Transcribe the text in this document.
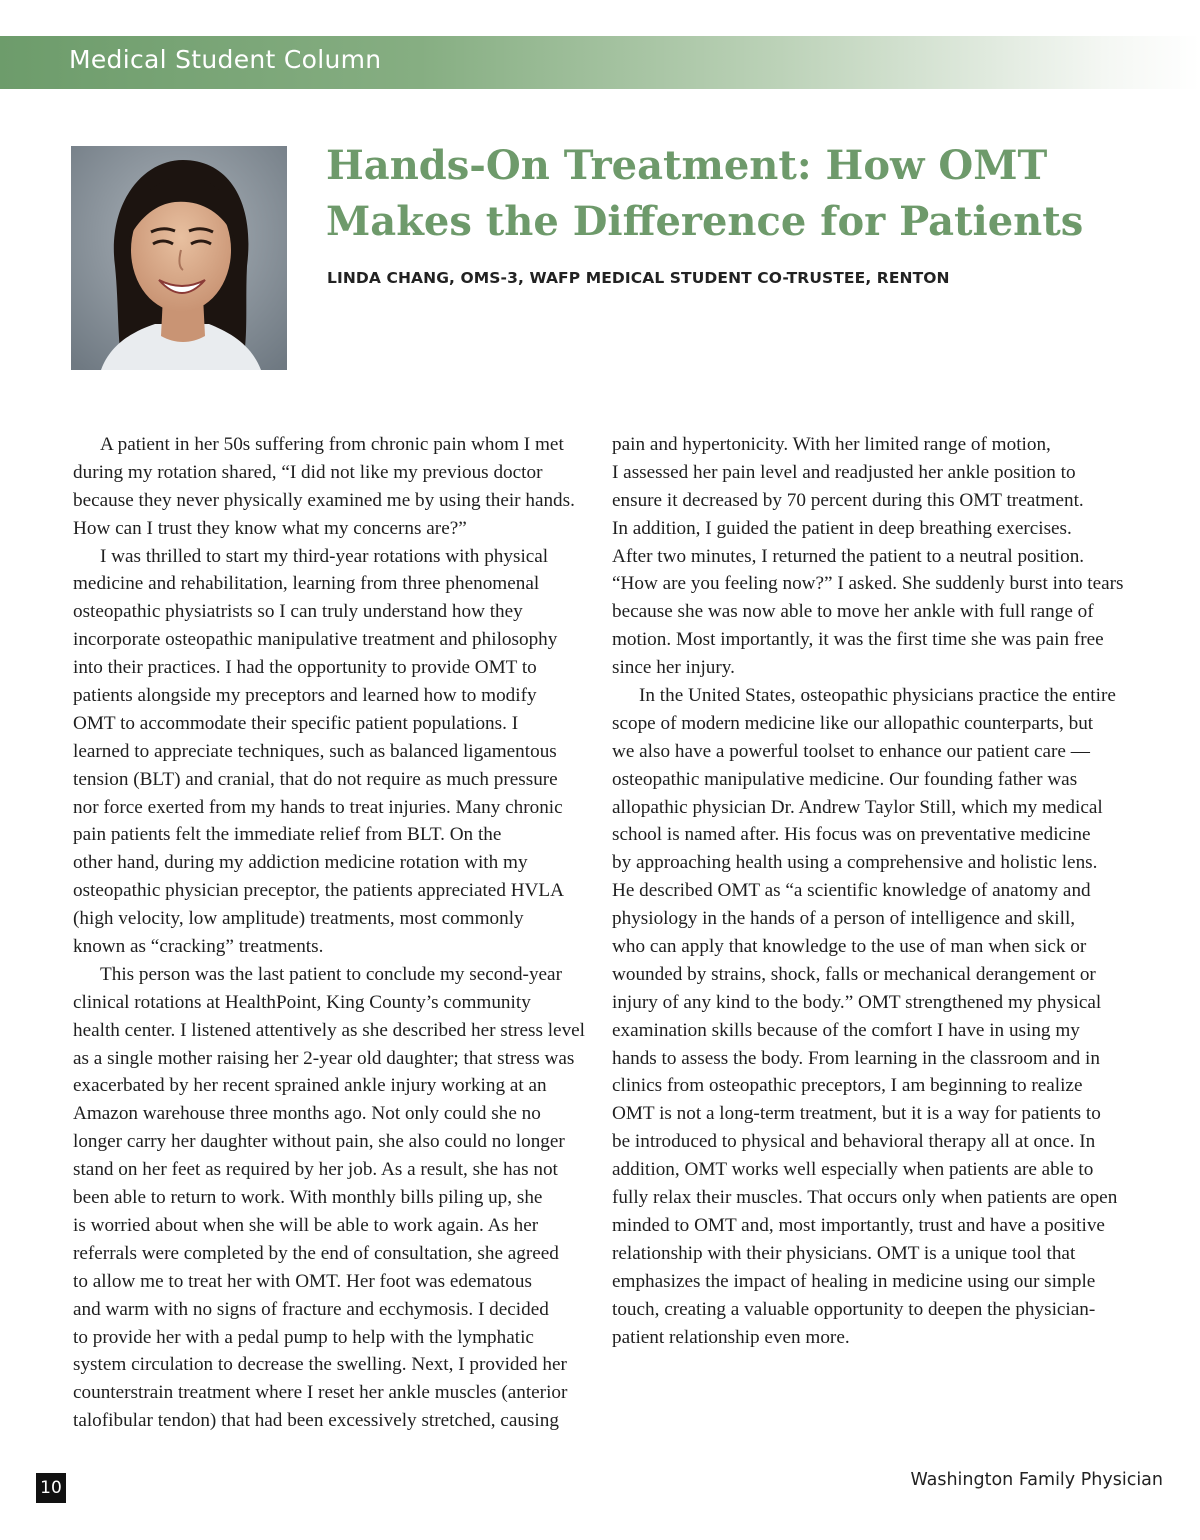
Medical Student Column
Hands-On Treatment: How OMT
Makes the Difference for Patients
LINDA CHANG, OMS-3, WAFP MEDICAL STUDENT CO-TRUSTEE, RENTON
A patient in her 50s suffering from chronic pain whom I met
during my rotation shared, “I did not like my previous doctor
because they never physically examined me by using their hands.
How can I trust they know what my concerns are?”
I was thrilled to start my third-year rotations with physical
medicine and rehabilitation, learning from three phenomenal
osteopathic physiatrists so I can truly understand how they
incorporate osteopathic manipulative treatment and philosophy
into their practices. I had the opportunity to provide OMT to
patients alongside my preceptors and learned how to modify
OMT to accommodate their specific patient populations. I
learned to appreciate techniques, such as balanced ligamentous
tension (BLT) and cranial, that do not require as much pressure
nor force exerted from my hands to treat injuries. Many chronic
pain patients felt the immediate relief from BLT. On the
other hand, during my addiction medicine rotation with my
osteopathic physician preceptor, the patients appreciated HVLA
(high velocity, low amplitude) treatments, most commonly
known as “cracking” treatments.
This person was the last patient to conclude my second-year
clinical rotations at HealthPoint, King County’s community
health center. I listened attentively as she described her stress level
as a single mother raising her 2-year old daughter; that stress was
exacerbated by her recent sprained ankle injury working at an
Amazon warehouse three months ago. Not only could she no
longer carry her daughter without pain, she also could no longer
stand on her feet as required by her job. As a result, she has not
been able to return to work. With monthly bills piling up, she
is worried about when she will be able to work again. As her
referrals were completed by the end of consultation, she agreed
to allow me to treat her with OMT. Her foot was edematous
and warm with no signs of fracture and ecchymosis. I decided
to provide her with a pedal pump to help with the lymphatic
system circulation to decrease the swelling. Next, I provided her
counterstrain treatment where I reset her ankle muscles (anterior
talofibular tendon) that had been excessively stretched, causing
pain and hypertonicity. With her limited range of motion,
I assessed her pain level and readjusted her ankle position to
ensure it decreased by 70 percent during this OMT treatment.
In addition, I guided the patient in deep breathing exercises.
After two minutes, I returned the patient to a neutral position.
“How are you feeling now?” I asked. She suddenly burst into tears
because she was now able to move her ankle with full range of
motion. Most importantly, it was the first time she was pain free
since her injury.
In the United States, osteopathic physicians practice the entire
scope of modern medicine like our allopathic counterparts, but
we also have a powerful toolset to enhance our patient care —
osteopathic manipulative medicine. Our founding father was
allopathic physician Dr. Andrew Taylor Still, which my medical
school is named after. His focus was on preventative medicine
by approaching health using a comprehensive and holistic lens.
He described OMT as “a scientific knowledge of anatomy and
physiology in the hands of a person of intelligence and skill,
who can apply that knowledge to the use of man when sick or
wounded by strains, shock, falls or mechanical derangement or
injury of any kind to the body.” OMT strengthened my physical
examination skills because of the comfort I have in using my
hands to assess the body. From learning in the classroom and in
clinics from osteopathic preceptors, I am beginning to realize
OMT is not a long-term treatment, but it is a way for patients to
be introduced to physical and behavioral therapy all at once. In
addition, OMT works well especially when patients are able to
fully relax their muscles. That occurs only when patients are open
minded to OMT and, most importantly, trust and have a positive
relationship with their physicians. OMT is a unique tool that
emphasizes the impact of healing in medicine using our simple
touch, creating a valuable opportunity to deepen the physician-
patient relationship even more.
10	Washington Family Physician
